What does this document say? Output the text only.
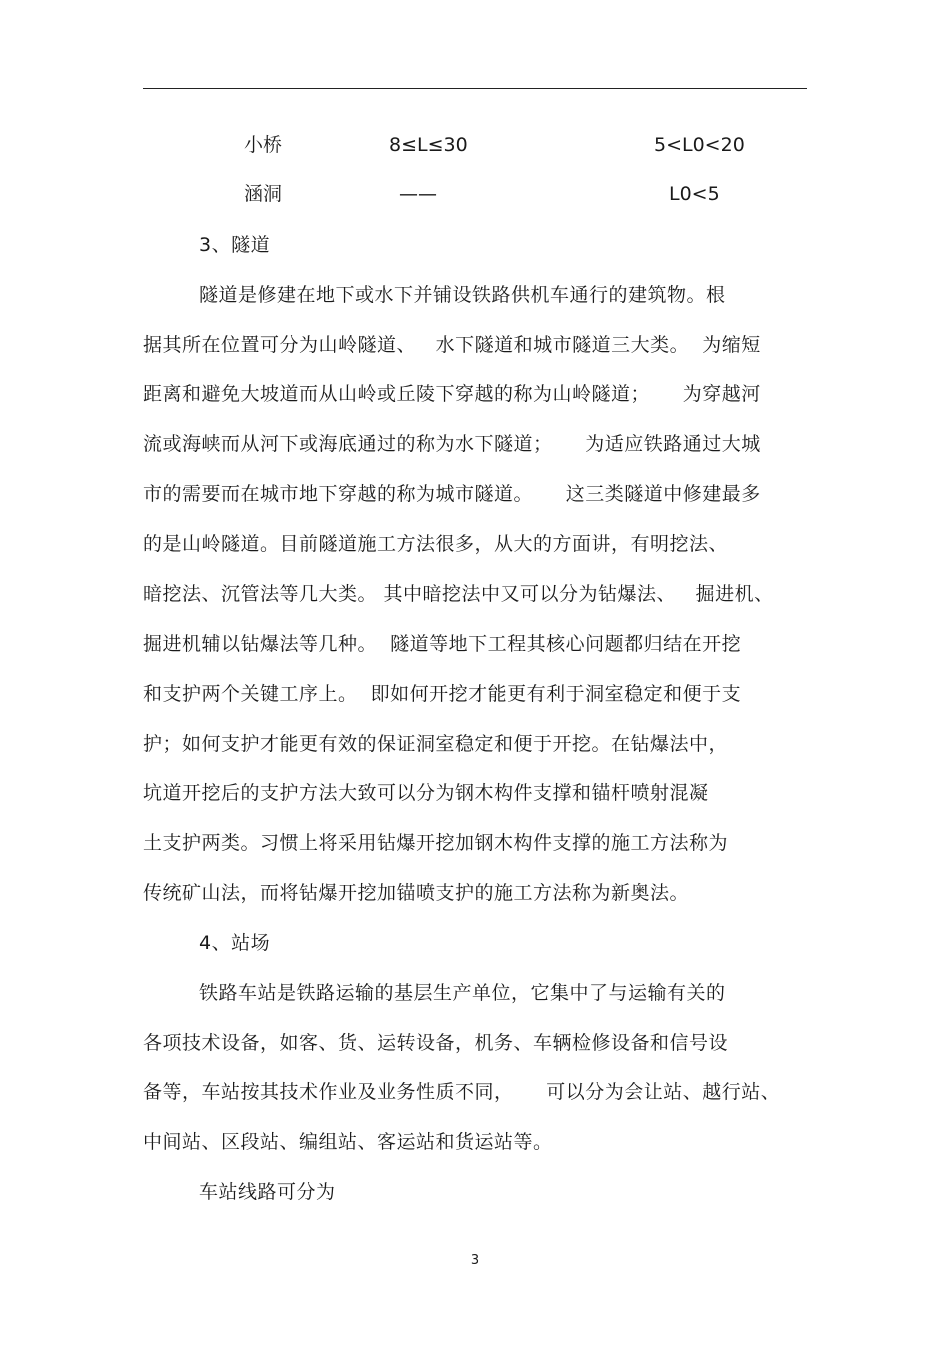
小桥	8≤L≤30	5<L0<20
涵洞	——	L0<5
3、隧道
隧道是修建在地下或水下并铺设铁路供机车通行的建筑物。根
据其所在位置可分为山岭隧道、   水下隧道和城市隧道三大类。  为缩短
距离和避免大坡道而从山岭或丘陵下穿越的称为山岭隧道；     为穿越河
流或海峡而从河下或海底通过的称为水下隧道；     为适应铁路通过大城
市的需要而在城市地下穿越的称为城市隧道。     这三类隧道中修建最多
的是山岭隧道。目前隧道施工方法很多，从大的方面讲，有明挖法、
暗挖法、沉管法等几大类。 其中暗挖法中又可以分为钻爆法、   掘进机、
掘进机辅以钻爆法等几种。  隧道等地下工程其核心问题都归结在开挖
和支护两个关键工序上。  即如何开挖才能更有利于洞室稳定和便于支
护；如何支护才能更有效的保证洞室稳定和便于开挖。在钻爆法中，
坑道开挖后的支护方法大致可以分为钢木构件支撑和锚杆喷射混凝
土支护两类。习惯上将采用钻爆开挖加钢木构件支撑的施工方法称为
传统矿山法，而将钻爆开挖加锚喷支护的施工方法称为新奥法。
4、站场
铁路车站是铁路运输的基层生产单位，它集中了与运输有关的
各项技术设备，如客、货、运转设备，机务、车辆检修设备和信号设
备等，车站按其技术作业及业务性质不同，     可以分为会让站、越行站、
中间站、区段站、编组站、客运站和货运站等。
车站线路可分为
3
